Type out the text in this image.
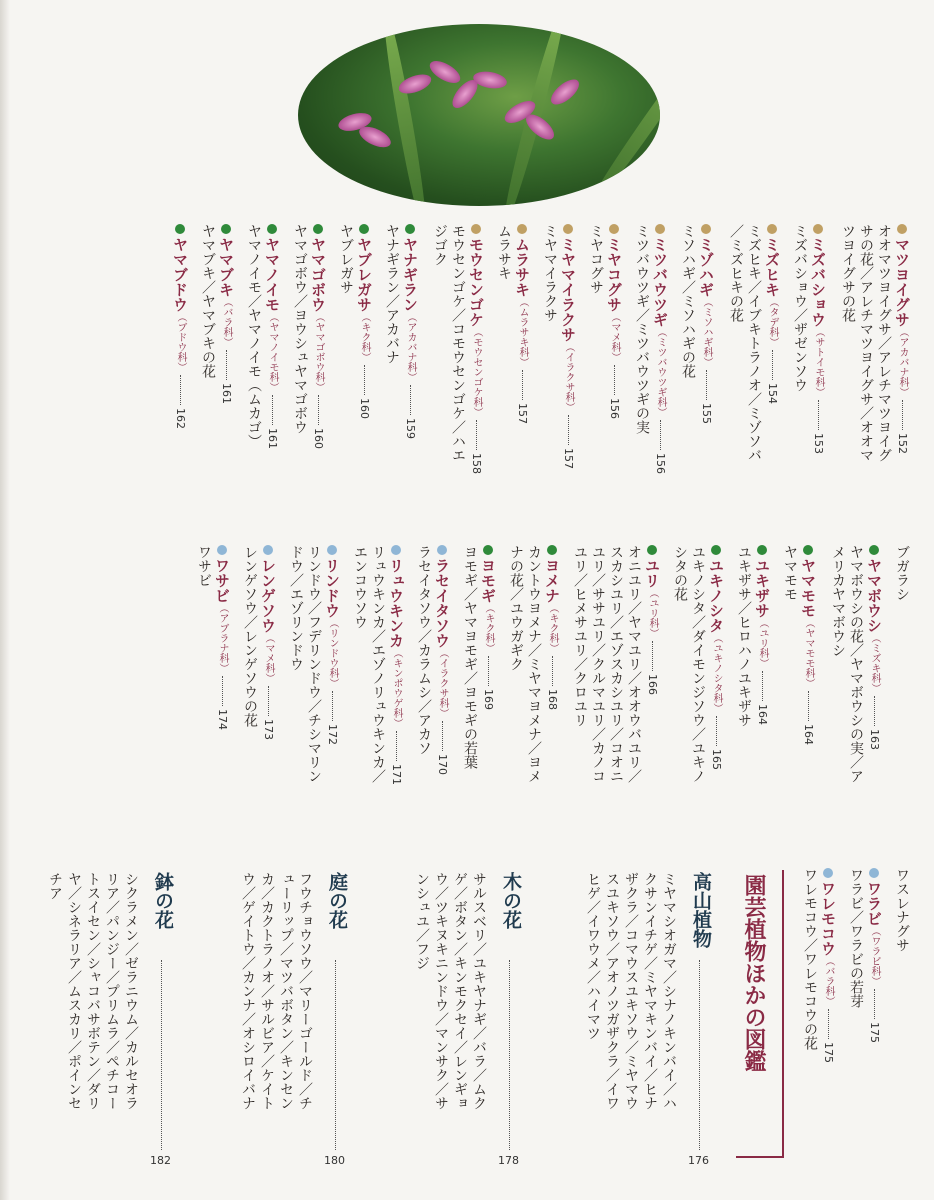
マツヨイグサ（アカバナ科）152
オオマツヨイグサ／アレチマツヨイグ
サの花／アレチマツヨイグサ／オオマ
ツヨイグサの花
ミズバショウ（サトイモ科）153
ミズバショウ／ザゼンソウ
ミズヒキ（タデ科）154
ミズヒキ／イブキトラノオ／ミゾソバ
／ミズヒキの花
ミゾハギ（ミソハギ科）155
ミソハギ／ミソハギの花
ミツバウツギ（ミツバウツギ科）156
ミツバウツギ／ミツバウツギの実
ミヤコグサ（マメ科）156
ミヤコグサ
ミヤマイラクサ（イラクサ科）157
ミヤマイラクサ
ムラサキ（ムラサキ科）157
ムラサキ
モウセンゴケ（モウセンゴケ科）158
モウセンゴケ／コモウセンゴケ／ハエ
ジゴク
ヤナギラン（アカバナ科）159
ヤナギラン／アカバナ
ヤブレガサ（キク科）160
ヤブレガサ
ヤマゴボウ（ヤマゴボウ科）160
ヤマゴボウ／ヨウシュヤマゴボウ
ヤマノイモ（ヤマノイモ科）161
ヤマノイモ／ヤマノイモ（ムカゴ）
ヤマブキ（バラ科）161
ヤマブキ／ヤマブキの花
ヤマブドウ（ブドウ科）162
ブガラシ
ヤマボウシ（ミズキ科）163
ヤマボウシの花／ヤマボウシの実／ア
メリカヤマボウシ
ヤマモモ（ヤマモモ科）164
ヤマモモ
ユキザサ（ユリ科）164
ユキザサ／ヒロハノユキザサ
ユキノシタ（ユキノシタ科）165
ユキノシタ／ダイモンジソウ／ユキノ
シタの花
ユリ（ユリ科）166
オニユリ／ヤマユリ／オオウバユリ／
スカシユリ／エゾスカシユリ／コオニ
ユリ／ササユリ／クルマユリ／カノコ
ユリ／ヒメサユリ／クロユリ
ヨメナ（キク科）168
カントウヨメナ／ミヤマヨメナ／ヨメ
ナの花／ユウガギク
ヨモギ（キク科）169
ヨモギ／ヤマヨモギ／ヨモギの若葉
ラセイタソウ（イラクサ科）170
ラセイタソウ／カラムシ／アカソ
リュウキンカ（キンポウゲ科）171
リュウキンカ／エゾノリュウキンカ／
エンコウソウ
リンドウ（リンドウ科）172
リンドウ／フデリンドウ／チシマリン
ドウ／エゾリンドウ
レンゲソウ（マメ科）173
レンゲソウ／レンゲソウの花
ワサビ（アブラナ科）174
ワサビ
ワスレナグサ
ワラビ（ワラビ科）175
ワラビ／ワラビの若芽
ワレモコウ（バラ科）175
ワレモコウ／ワレモコウの花
園芸植物ほかの図鑑
高山植物
176
ミヤマシオガマ／シナノキンバイ／ハ
クサンイチゲ／ミヤマキンバイ／ヒナ
ザクラ／コマウスユキソウ／ミヤマウ
スユキソウ／アオノツガザクラ／イワ
ヒゲ／イワウメ／ハイマツ
木の花
178
サルスベリ／ユキヤナギ／バラ／ムク
ゲ／ボタン／キンモクセイ／レンギョ
ウ／ツキヌキニンドウ／マンサク／サ
ンシュユ／フジ
庭の花
180
フウチョウソウ／マリーゴールド／チ
ューリップ／マツバボタン／キンセン
カ／カクトラノオ／サルビア／ケイト
ウ／ゲイトウ／カンナ／オシロイバナ
鉢の花
182
シクラメン／ゼラニウム／カルセオラ
リア／パンジー／プリムラ／ペチコー
トスイセン／シャコバサボテン／ダリ
ヤ／シネラリア／ムスカリ／ポインセ
チア
